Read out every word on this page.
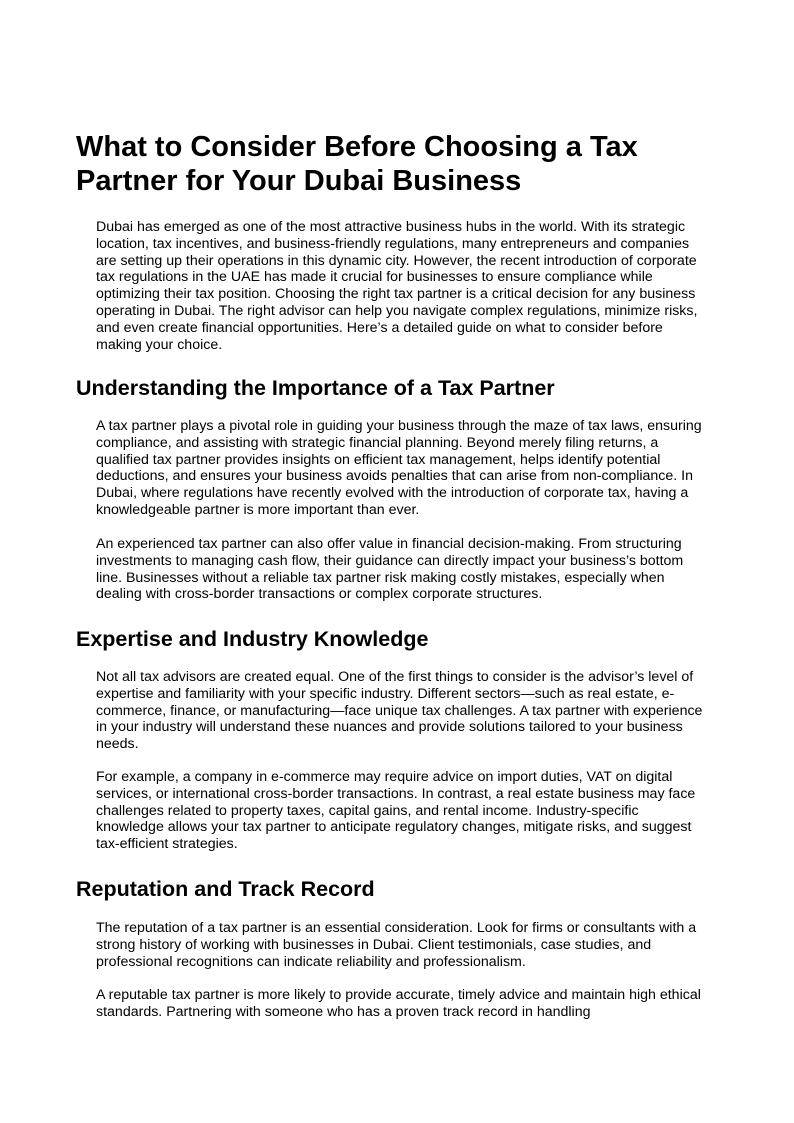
What to Consider Before Choosing a Tax Partner for Your Dubai Business

Dubai has emerged as one of the most attractive business hubs in the world. With its strategic location, tax incentives, and business-friendly regulations, many entrepreneurs and companies are setting up their operations in this dynamic city. However, the recent introduction of corporate tax regulations in the UAE has made it crucial for businesses to ensure compliance while optimizing their tax position. Choosing the right tax partner is a critical decision for any business operating in Dubai. The right advisor can help you navigate complex regulations, minimize risks, and even create financial opportunities. Here’s a detailed guide on what to consider before making your choice.

Understanding the Importance of a Tax Partner

A tax partner plays a pivotal role in guiding your business through the maze of tax laws, ensuring compliance, and assisting with strategic financial planning. Beyond merely filing returns, a qualified tax partner provides insights on efficient tax management, helps identify potential deductions, and ensures your business avoids penalties that can arise from non-compliance. In Dubai, where regulations have recently evolved with the introduction of corporate tax, having a knowledgeable partner is more important than ever.

An experienced tax partner can also offer value in financial decision-making. From structuring investments to managing cash flow, their guidance can directly impact your business’s bottom line. Businesses without a reliable tax partner risk making costly mistakes, especially when dealing with cross-border transactions or complex corporate structures.

Expertise and Industry Knowledge

Not all tax advisors are created equal. One of the first things to consider is the advisor’s level of expertise and familiarity with your specific industry. Different sectors—such as real estate, e-commerce, finance, or manufacturing—face unique tax challenges. A tax partner with experience in your industry will understand these nuances and provide solutions tailored to your business needs.

For example, a company in e-commerce may require advice on import duties, VAT on digital services, or international cross-border transactions. In contrast, a real estate business may face challenges related to property taxes, capital gains, and rental income. Industry-specific knowledge allows your tax partner to anticipate regulatory changes, mitigate risks, and suggest tax-efficient strategies.

Reputation and Track Record

The reputation of a tax partner is an essential consideration. Look for firms or consultants with a strong history of working with businesses in Dubai. Client testimonials, case studies, and professional recognitions can indicate reliability and professionalism.

A reputable tax partner is more likely to provide accurate, timely advice and maintain high ethical standards. Partnering with someone who has a proven track record in handling
